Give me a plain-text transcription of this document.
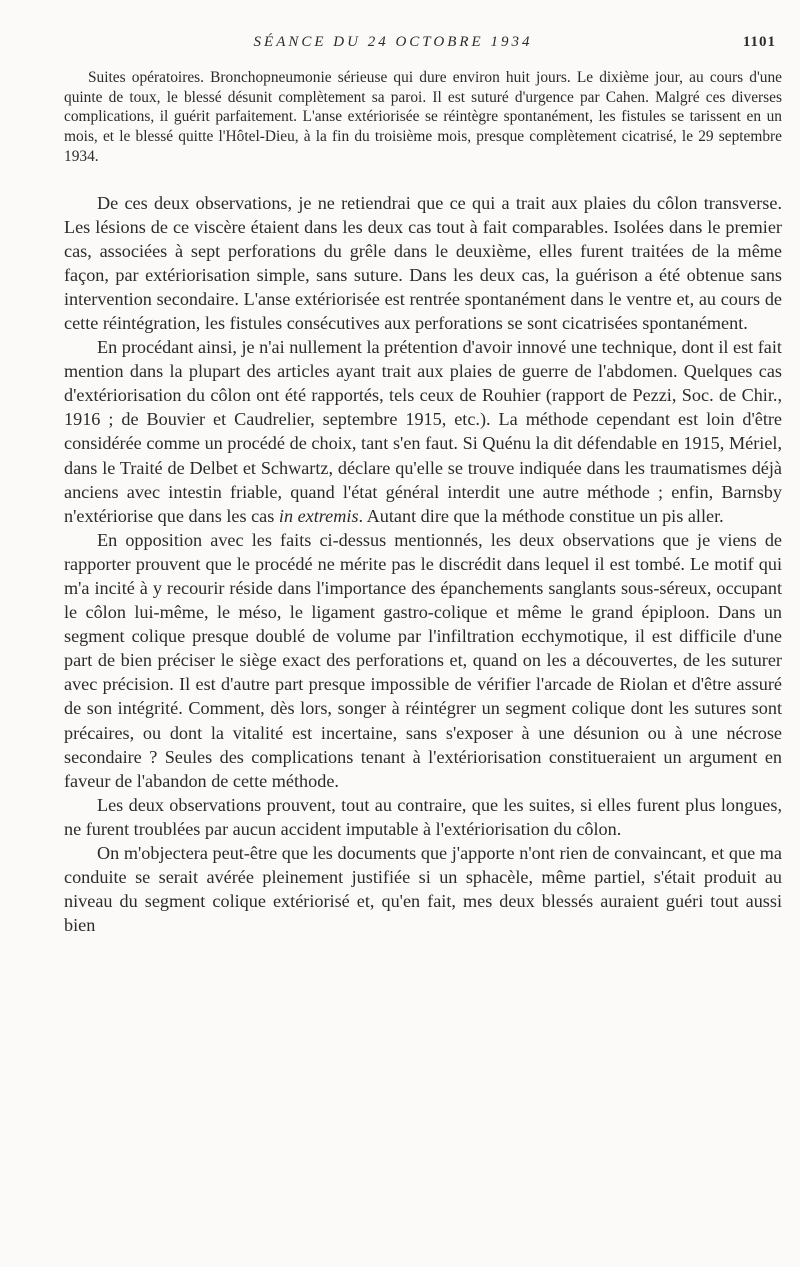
SÉANCE DU 24 OCTOBRE 1934	1101

Suites opératoires. Bronchopneumonie sérieuse qui dure environ huit jours. Le dixième jour, au cours d'une quinte de toux, le blessé désunit complètement sa paroi. Il est suturé d'urgence par Cahen. Malgré ces diverses complications, il guérit parfaitement. L'anse extériorisée se réintègre spontanément, les fistules se tarissent en un mois, et le blessé quitte l'Hôtel-Dieu, à la fin du troisième mois, presque complètement cicatrisé, le 29 septembre 1934.

De ces deux observations, je ne retiendrai que ce qui a trait aux plaies du côlon transverse. Les lésions de ce viscère étaient dans les deux cas tout à fait comparables. Isolées dans le premier cas, associées à sept perforations du grêle dans le deuxième, elles furent traitées de la même façon, par extériorisation simple, sans suture. Dans les deux cas, la guérison a été obtenue sans intervention secondaire. L'anse extériorisée est rentrée spontanément dans le ventre et, au cours de cette réintégration, les fistules consécutives aux perforations se sont cicatrisées spontanément.

En procédant ainsi, je n'ai nullement la prétention d'avoir innové une technique, dont il est fait mention dans la plupart des articles ayant trait aux plaies de guerre de l'abdomen. Quelques cas d'extériorisation du côlon ont été rapportés, tels ceux de Rouhier (rapport de Pezzi, Soc. de Chir., 1916 ; de Bouvier et Caudrelier, septembre 1915, etc.). La méthode cependant est loin d'être considérée comme un procédé de choix, tant s'en faut. Si Quénu la dit défendable en 1915, Mériel, dans le Traité de Delbet et Schwartz, déclare qu'elle se trouve indiquée dans les traumatismes déjà anciens avec intestin friable, quand l'état général interdit une autre méthode ; enfin, Barnsby n'extériorise que dans les cas in extremis. Autant dire que la méthode constitue un pis aller.

En opposition avec les faits ci-dessus mentionnés, les deux observations que je viens de rapporter prouvent que le procédé ne mérite pas le discrédit dans lequel il est tombé. Le motif qui m'a incité à y recourir réside dans l'importance des épanchements sanglants sous-séreux, occupant le côlon lui-même, le méso, le ligament gastro-colique et même le grand épiploon. Dans un segment colique presque doublé de volume par l'infiltration ecchymotique, il est difficile d'une part de bien préciser le siège exact des perforations et, quand on les a découvertes, de les suturer avec précision. Il est d'autre part presque impossible de vérifier l'arcade de Riolan et d'être assuré de son intégrité. Comment, dès lors, songer à réintégrer un segment colique dont les sutures sont précaires, ou dont la vitalité est incertaine, sans s'exposer à une désunion ou à une nécrose secondaire ? Seules des complications tenant à l'extériorisation constitueraient un argument en faveur de l'abandon de cette méthode.

Les deux observations prouvent, tout au contraire, que les suites, si elles furent plus longues, ne furent troublées par aucun accident imputable à l'extériorisation du côlon.

On m'objectera peut-être que les documents que j'apporte n'ont rien de convaincant, et que ma conduite se serait avérée pleinement justifiée si un sphacèle, même partiel, s'était produit au niveau du segment colique extériorisé et, qu'en fait, mes deux blessés auraient guéri tout aussi bien
